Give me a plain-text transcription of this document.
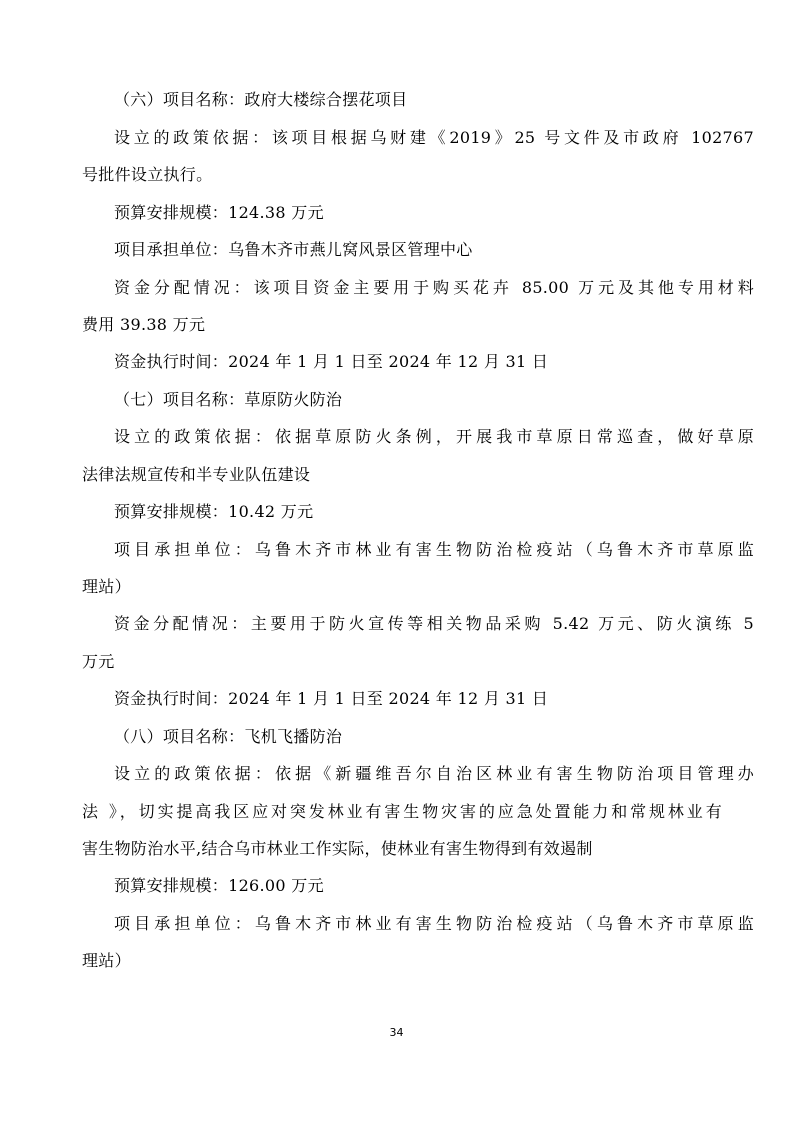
（六）项目名称：政府大楼综合摆花项目
设立的政策依据：该项目根据乌财建《2019》25 号文件及市政府 102767
号批件设立执行。
预算安排规模：124.38 万元
项目承担单位：乌鲁木齐市燕儿窝风景区管理中心
资金分配情况：该项目资金主要用于购买花卉 85.00 万元及其他专用材料
费用 39.38 万元
资金执行时间：2024 年 1 月 1 日至 2024 年 12 月 31 日
（七）项目名称：草原防火防治
设立的政策依据：依据草原防火条例，开展我市草原日常巡查，做好草原
法律法规宣传和半专业队伍建设
预算安排规模：10.42 万元
项目承担单位：乌鲁木齐市林业有害生物防治检疫站（乌鲁木齐市草原监
理站）
资金分配情况：主要用于防火宣传等相关物品采购 5.42 万元、防火演练 5
万元
资金执行时间：2024 年 1 月 1 日至 2024 年 12 月 31 日
（八）项目名称：飞机飞播防治
设立的政策依据：依据《新疆维吾尔自治区林业有害生物防治项目管理办
法 》，切实提高我区应对突发林业有害生物灾害的应急处置能力和常规林业有
害生物防治水平,结合乌市林业工作实际，使林业有害生物得到有效遏制
预算安排规模：126.00 万元
项目承担单位：乌鲁木齐市林业有害生物防治检疫站（乌鲁木齐市草原监
理站）
34
